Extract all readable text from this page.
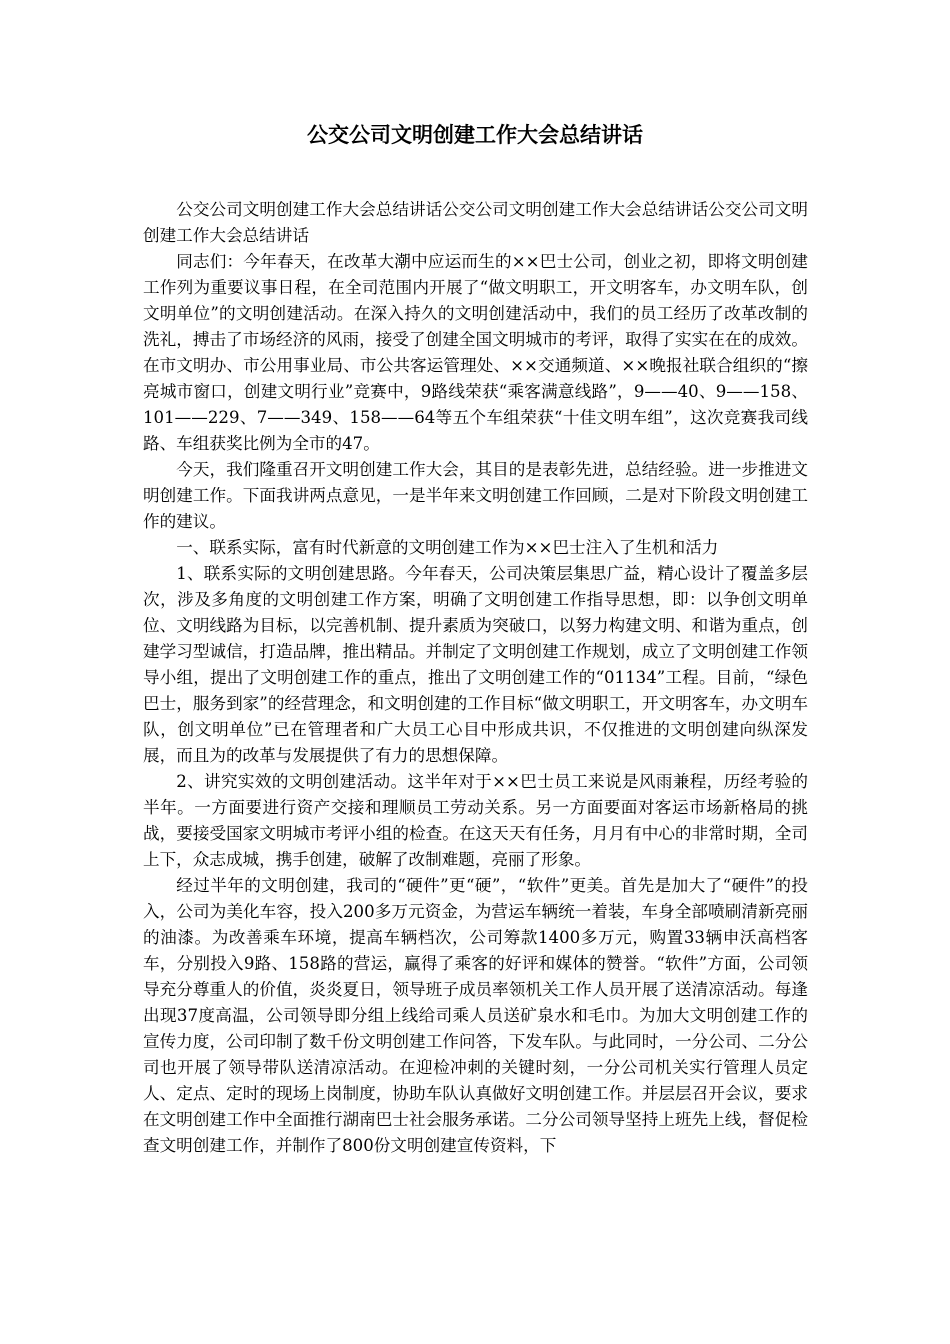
公交公司文明创建工作大会总结讲话

公交公司文明创建工作大会总结讲话公交公司文明创建工作大会总结讲话公交公司文明创建工作大会总结讲话

同志们：今年春天，在改革大潮中应运而生的××巴士公司，创业之初，即将文明创建工作列为重要议事日程，在全司范围内开展了“做文明职工，开文明客车，办文明车队，创文明单位”的文明创建活动。在深入持久的文明创建活动中，我们的员工经历了改革改制的洗礼，搏击了市场经济的风雨，接受了创建全国文明城市的考评，取得了实实在在的成效。在市文明办、市公用事业局、市公共客运管理处、××交通频道、××晚报社联合组织的“擦亮城市窗口，创建文明行业”竞赛中，9路线荣获“乘客满意线路”，9——40、9——158、101——229、7——349、158——64等五个车组荣获“十佳文明车组”，这次竞赛我司线路、车组获奖比例为全市的47。

今天，我们隆重召开文明创建工作大会，其目的是表彰先进，总结经验。进一步推进文明创建工作。下面我讲两点意见，一是半年来文明创建工作回顾，二是对下阶段文明创建工作的建议。

一、联系实际，富有时代新意的文明创建工作为××巴士注入了生机和活力

1、联系实际的文明创建思路。今年春天，公司决策层集思广益，精心设计了覆盖多层次，涉及多角度的文明创建工作方案，明确了文明创建工作指导思想，即：以争创文明单位、文明线路为目标，以完善机制、提升素质为突破口，以努力构建文明、和谐为重点，创建学习型诚信，打造品牌，推出精品。并制定了文明创建工作规划，成立了文明创建工作领导小组，提出了文明创建工作的重点，推出了文明创建工作的“01134”工程。目前，“绿色巴士，服务到家”的经营理念，和文明创建的工作目标“做文明职工，开文明客车，办文明车队，创文明单位”已在管理者和广大员工心目中形成共识，不仅推进的文明创建向纵深发展，而且为的改革与发展提供了有力的思想保障。

2、讲究实效的文明创建活动。这半年对于××巴士员工来说是风雨兼程，历经考验的半年。一方面要进行资产交接和理顺员工劳动关系。另一方面要面对客运市场新格局的挑战，要接受国家文明城市考评小组的检查。在这天天有任务，月月有中心的非常时期，全司上下，众志成城，携手创建，破解了改制难题，亮丽了形象。

经过半年的文明创建，我司的“硬件”更“硬”，“软件”更美。首先是加大了“硬件”的投入，公司为美化车容，投入200多万元资金，为营运车辆统一着装，车身全部喷刷清新亮丽的油漆。为改善乘车环境，提高车辆档次，公司筹款1400多万元，购置33辆申沃高档客车，分别投入9路、158路的营运，赢得了乘客的好评和媒体的赞誉。“软件”方面，公司领导充分尊重人的价值，炎炎夏日，领导班子成员率领机关工作人员开展了送清凉活动。每逢出现37度高温，公司领导即分组上线给司乘人员送矿泉水和毛巾。为加大文明创建工作的宣传力度，公司印制了数千份文明创建工作问答，下发车队。与此同时，一分公司、二分公司也开展了领导带队送清凉活动。在迎检冲刺的关键时刻，一分公司机关实行管理人员定人、定点、定时的现场上岗制度，协助车队认真做好文明创建工作。并层层召开会议，要求在文明创建工作中全面推行湖南巴士社会服务承诺。二分公司领导坚持上班先上线，督促检查文明创建工作，并制作了800份文明创建宣传资料，下
